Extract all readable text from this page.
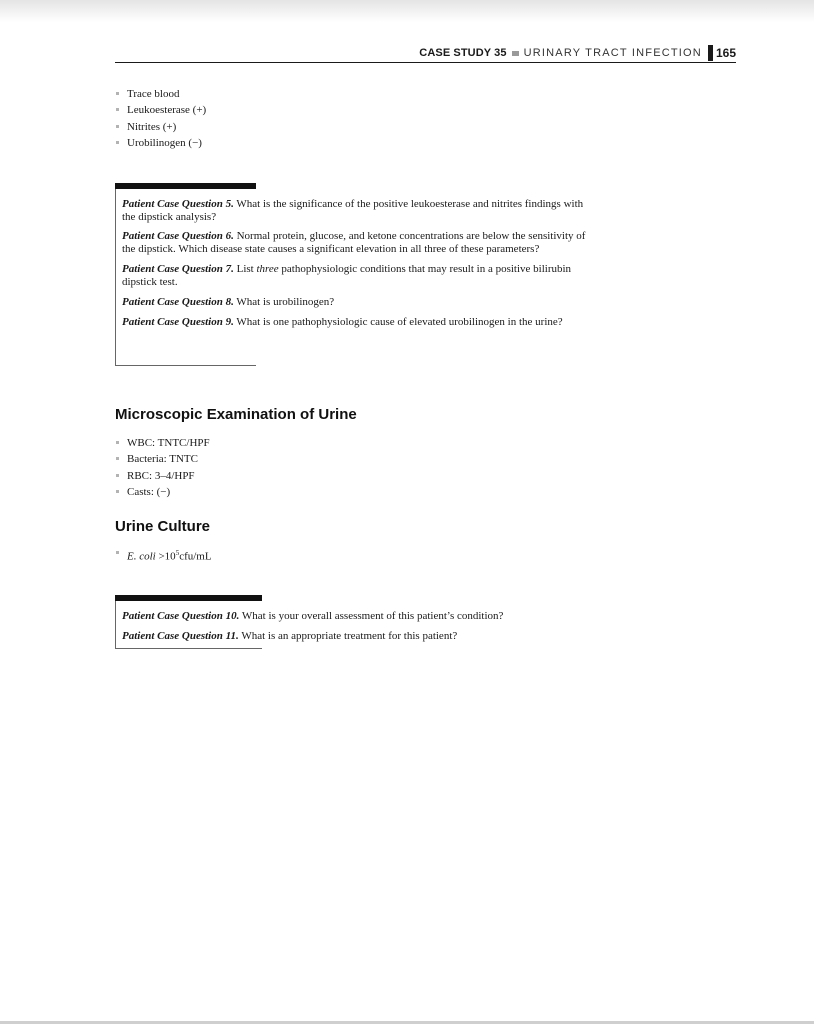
CASE STUDY 35 URINARY TRACT INFECTION 165
Trace blood
Leukoesterase (+)
Nitrites (+)
Urobilinogen (−)
Patient Case Question 5. What is the significance of the positive leukoesterase and nitrites findings with the dipstick analysis?
Patient Case Question 6. Normal protein, glucose, and ketone concentrations are below the sensitivity of the dipstick. Which disease state causes a significant elevation in all three of these parameters?
Patient Case Question 7. List three pathophysiologic conditions that may result in a positive bilirubin dipstick test.
Patient Case Question 8. What is urobilinogen?
Patient Case Question 9. What is one pathophysiologic cause of elevated urobilinogen in the urine?
Microscopic Examination of Urine
WBC: TNTC/HPF
Bacteria: TNTC
RBC: 3–4/HPF
Casts: (−)
Urine Culture
E. coli $>10^5cfu/mL$
Patient Case Question 10. What is your overall assessment of this patient’s condition?
Patient Case Question 11. What is an appropriate treatment for this patient?
